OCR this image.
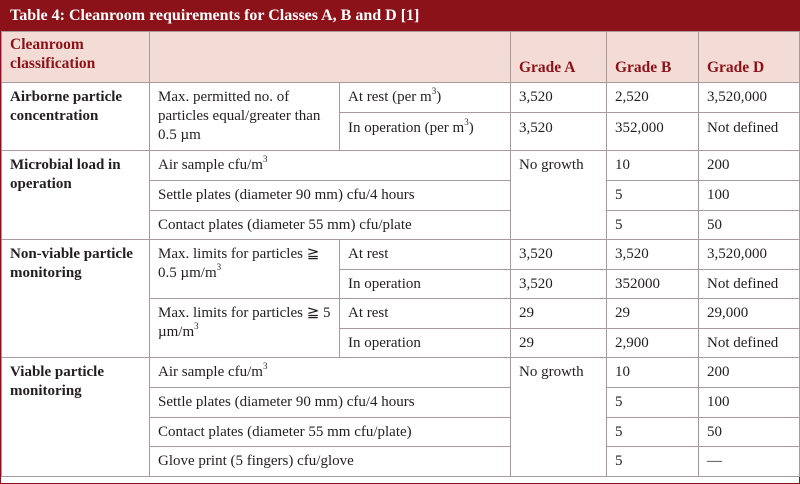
Table 4: Cleanroom requirements for Classes A, B and D [1]
Cleanroom classification			Grade A	Grade B	Grade D
Airborne particle concentration	Max. permitted no. of particles equal/greater than 0.5 µm	At rest (per $m^3$)	3,520	2,520	3,520,000
		In operation (per $m^3$)	3,520	352,000	Not defined
Microbial load in operation	Air sample cfu/$m^3$		No growth	10	200
	Settle plates (diameter 90 mm) cfu/4 hours			5	100
	Contact plates (diameter 55 mm) cfu/plate			5	50
Non-viable particle monitoring	Max. limits for particles ≧ 0.5 $\mu m/m^3$	At rest	3,520	3,520	3,520,000
		In operation	3,520	352000	Not defined
	Max. limits for particles ≧ 5 $\mu m/m^3$	At rest	29	29	29,000
		In operation	29	2,900	Not defined
Viable particle monitoring	Air sample cfu/$m^3$		No growth	10	200
	Settle plates (diameter 90 mm) cfu/4 hours			5	100
	Contact plates (diameter 55 mm cfu/plate)			5	50
	Glove print (5 fingers) cfu/glove			5	—
